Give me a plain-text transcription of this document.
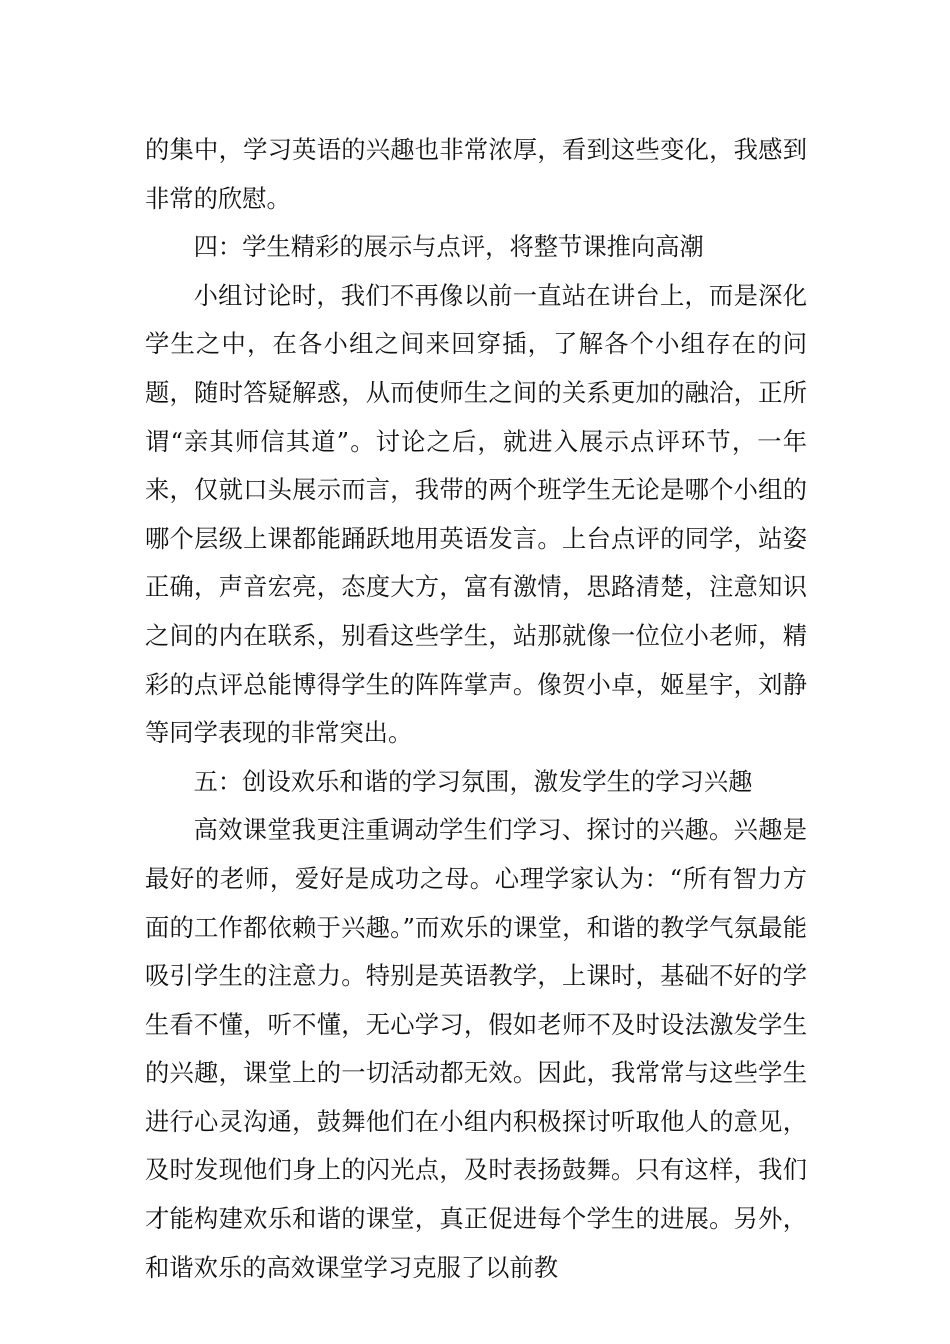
的集中，学习英语的兴趣也非常浓厚，看到这些变化，我感到非常的欣慰。

四：学生精彩的展示与点评，将整节课推向高潮

小组讨论时，我们不再像以前一直站在讲台上，而是深化学生之中，在各小组之间来回穿插，了解各个小组存在的问题，随时答疑解惑，从而使师生之间的关系更加的融洽，正所谓“亲其师信其道”。讨论之后，就进入展示点评环节，一年来，仅就口头展示而言，我带的两个班学生无论是哪个小组的哪个层级上课都能踊跃地用英语发言。上台点评的同学，站姿正确，声音宏亮，态度大方，富有激情，思路清楚，注意知识之间的内在联系，别看这些学生，站那就像一位位小老师，精彩的点评总能博得学生的阵阵掌声。像贺小卓，姬星宇，刘静等同学表现的非常突出。

五：创设欢乐和谐的学习氛围，激发学生的学习兴趣

高效课堂我更注重调动学生们学习、探讨的兴趣。兴趣是最好的老师，爱好是成功之母。心理学家认为：“所有智力方面的工作都依赖于兴趣。”而欢乐的课堂，和谐的教学气氛最能吸引学生的注意力。特别是英语教学，上课时，基础不好的学生看不懂，听不懂，无心学习，假如老师不及时设法激发学生的兴趣，课堂上的一切活动都无效。因此，我常常与这些学生进行心灵沟通，鼓舞他们在小组内积极探讨听取他人的意见，及时发现他们身上的闪光点，及时表扬鼓舞。只有这样，我们才能构建欢乐和谐的课堂，真正促进每个学生的进展。另外，和谐欢乐的高效课堂学习克服了以前教
